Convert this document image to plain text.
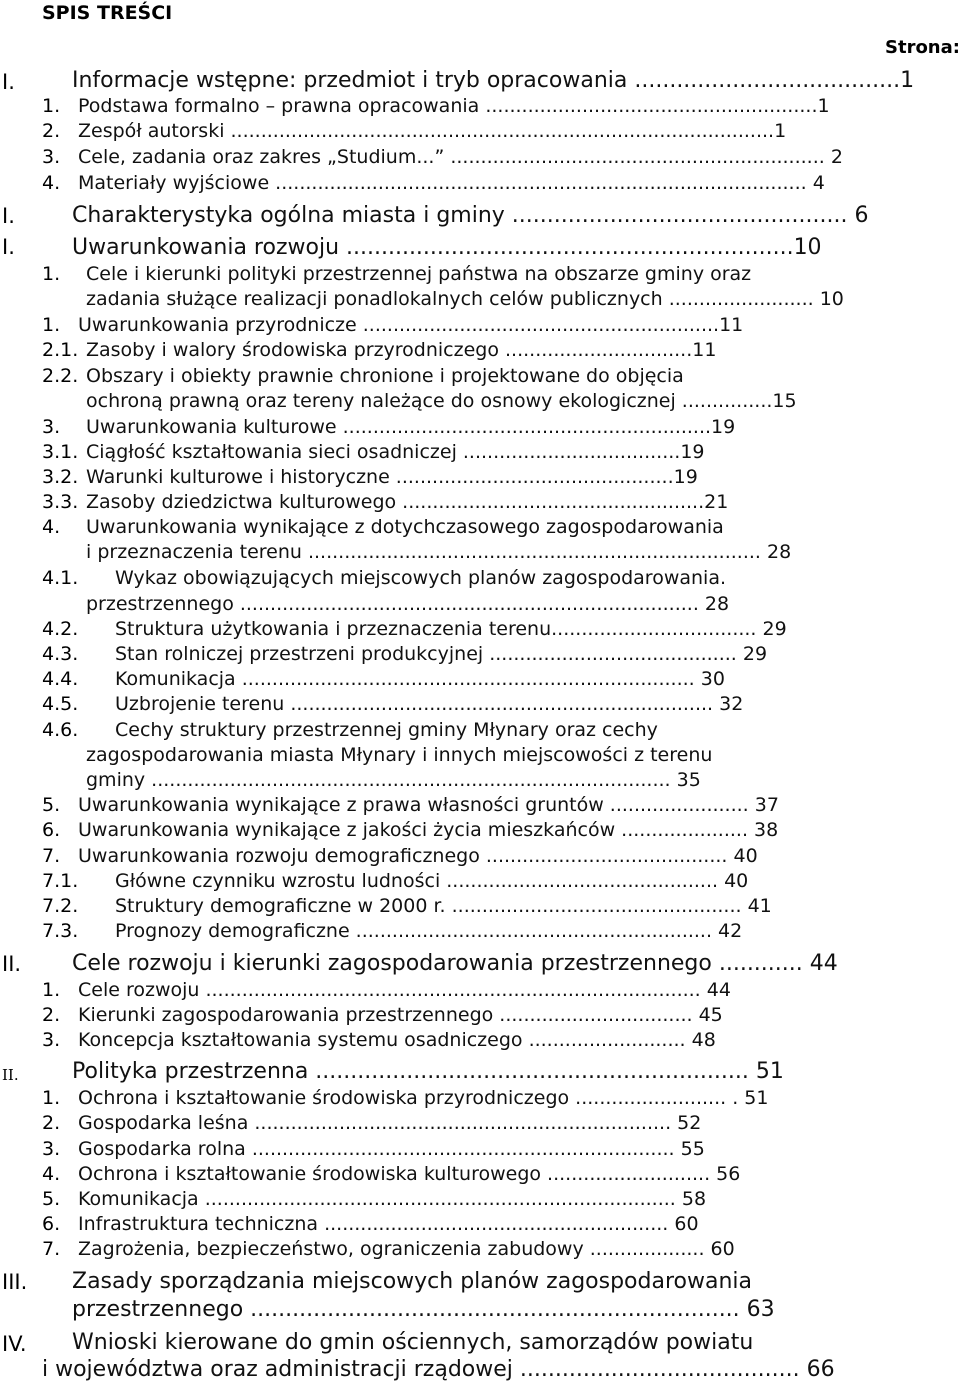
SPIS TREŚCI
Strona:
I.	Informacje wstępne: przedmiot i tryb opracowania ......................................1
1. Podstawa formalno – prawna opracowania .......................................................1
2. Zespół autorski ..........................................................................................1
3. Cele, zadania oraz zakres „Studium...” .............................................................. 2
4. Materiały wyjściowe ........................................................................................ 4
I.	Charakterystyka ogólna miasta i gminy ................................................ 6
I.	Uwarunkowania rozwoju ................................................................10
1. Cele i kierunki polityki przestrzennej państwa na obszarze gminy oraz
zadania służące realizacji ponadlokalnych celów publicznych ........................ 10
1. Uwarunkowania przyrodnicze ...........................................................11
2.1. Zasoby i walory środowiska przyrodniczego ...............................11
2.2. Obszary i obiekty prawnie chronione i projektowane do objęcia
ochroną prawną oraz tereny należące do osnowy ekologicznej ...............15
3. Uwarunkowania kulturowe .............................................................19
3.1. Ciągłość kształtowania sieci osadniczej ....................................19
3.2. Warunki kulturowe i historyczne ..............................................19
3.3. Zasoby dziedzictwa kulturowego ..................................................21
4. Uwarunkowania wynikające z dotychczasowego zagospodarowania
i przeznaczenia terenu ........................................................................... 28
4.1. Wykaz obowiązujących miejscowych planów zagospodarowania.
przestrzennego ............................................................................ 28
4.2. Struktura użytkowania i przeznaczenia terenu.................................. 29
4.3. Stan rolniczej przestrzeni produkcyjnej ......................................... 29
4.4. Komunikacja ........................................................................... 30
4.5. Uzbrojenie terenu ...................................................................... 32
4.6. Cechy struktury przestrzennej gminy Młynary oraz cechy
zagospodarowania miasta Młynary i innych miejscowości z terenu
gminy ...................................................................................... 35
5. Uwarunkowania wynikające z prawa własności gruntów ....................... 37
6. Uwarunkowania wynikające z jakości życia mieszkańców ..................... 38
7. Uwarunkowania rozwoju demograficznego ........................................ 40
7.1. Główne czynniku wzrostu ludności ............................................. 40
7.2. Struktury demograficzne w 2000 r. ................................................ 41
7.3. Prognozy demograficzne ........................................................... 42
II. Cele rozwoju i kierunki zagospodarowania przestrzennego ............ 44
1. Cele rozwoju .................................................................................. 44
2. Kierunki zagospodarowania przestrzennego ................................ 45
3. Koncepcja kształtowania systemu osadniczego .......................... 48
II. Polityka przestrzenna .............................................................. 51
1. Ochrona i kształtowanie środowiska przyrodniczego ......................... . 51
2. Gospodarka leśna ..................................................................... 52
3. Gospodarka rolna ...................................................................... 55
4. Ochrona i kształtowanie środowiska kulturowego ........................... 56
5. Komunikacja .............................................................................. 58
6. Infrastruktura techniczna ......................................................... 60
7. Zagrożenia, bezpieczeństwo, ograniczenia zabudowy ................... 60
III. Zasady sporządzania miejscowych planów zagospodarowania
przestrzennego ...................................................................... 63
IV. Wnioski kierowane do gmin ościennych, samorządów powiatu
i województwa oraz administracji rządowej ........................................ 66
